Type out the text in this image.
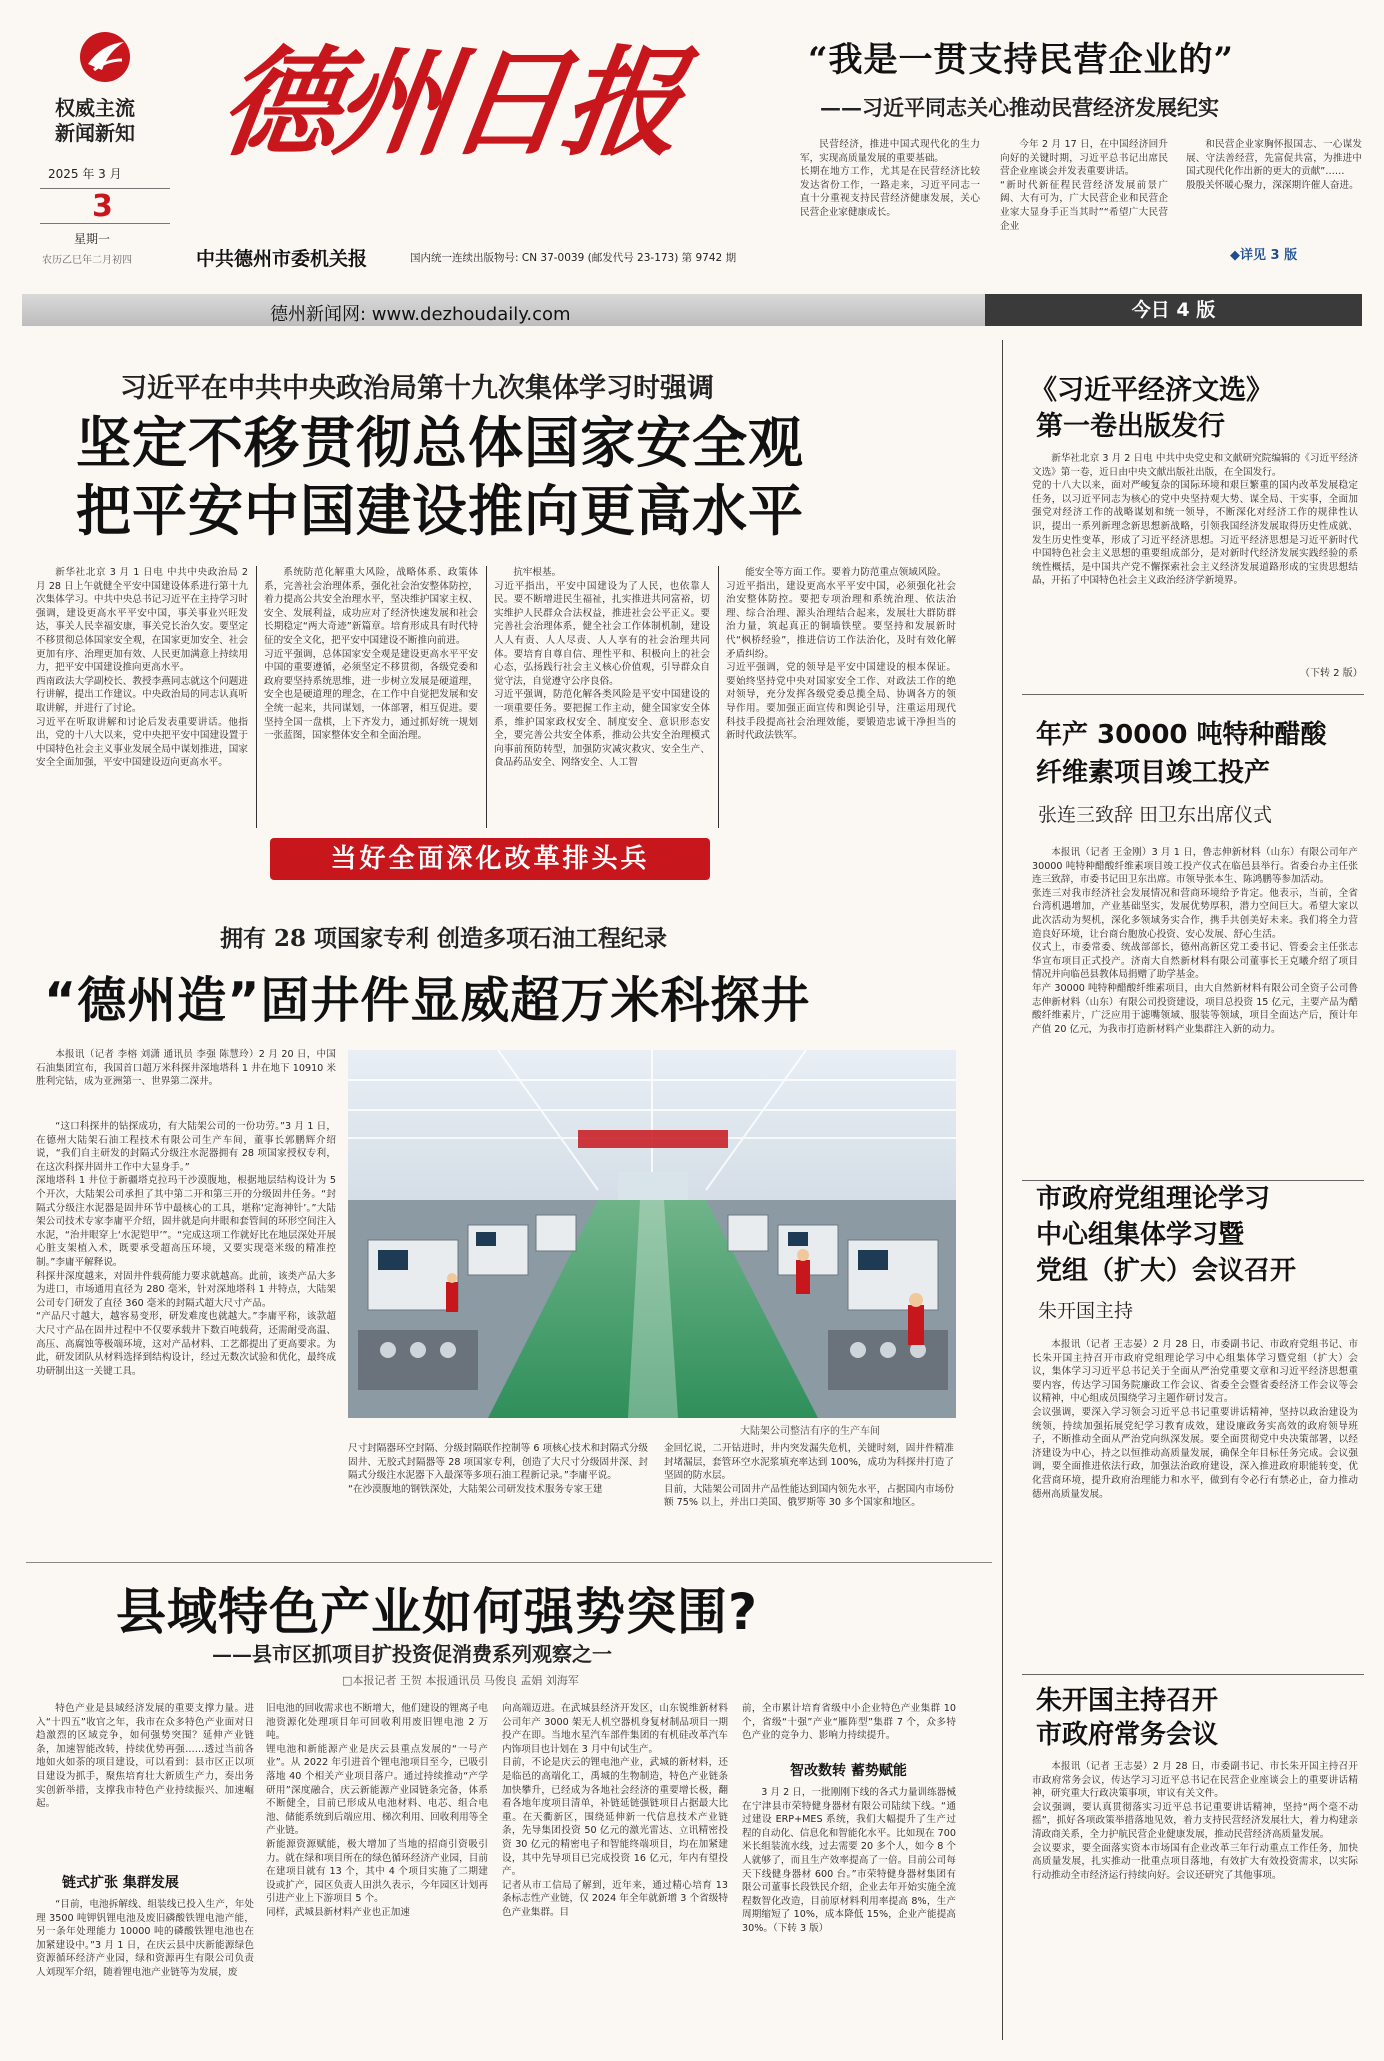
权威主流
新闻新知
2025 年 3 月
3
星期一
农历乙巳年二月初四
德州日报
中共德州市委机关报	国内统一连续出版物号: CN 37-0039 (邮发代号 23-173) 第 9742 期
“我是一贯支持民营企业的”
——习近平同志关心推动民营经济发展纪实
民营经济，推进中国式现代化的生力军，实现高质量发展的重要基础。
长期在地方工作，尤其是在民营经济比较发达省份工作，一路走来，习近平同志一直十分重视支持民营经济健康发展，关心民营企业家健康成长。
今年 2 月 17 日，在中国经济回升向好的关键时期，习近平总书记出席民营企业座谈会并发表重要讲话。
“新时代新征程民营经济发展前景广阔、大有可为，广大民营企业和民营企业家大显身手正当其时”“希望广大民营企业
和民营企业家胸怀报国志、一心谋发展、守法善经营，先富促共富，为推进中国式现代化作出新的更大的贡献”……
殷殷关怀暖心聚力，深深期许催人奋进。
◆详见 3 版
德州新闻网: www.dezhoudaily.com	今日 4 版
习近平在中共中央政治局第十九次集体学习时强调
坚定不移贯彻总体国家安全观
把平安中国建设推向更高水平
新华社北京 3 月 1 日电 中共中央政治局 2 月 28 日上午就健全平安中国建设体系进行第十九次集体学习。中共中央总书记习近平在主持学习时强调，建设更高水平平安中国，事关事业兴旺发达，事关人民幸福安康，事关党长治久安。要坚定不移贯彻总体国家安全观，在国家更加安全、社会更加有序、治理更加有效、人民更加满意上持续用力，把平安中国建设推向更高水平。
西南政法大学副校长、教授李燕同志就这个问题进行讲解，提出工作建议。中央政治局的同志认真听取讲解，并进行了讨论。
习近平在听取讲解和讨论后发表重要讲话。他指出，党的十八大以来，党中央把平安中国建设置于中国特色社会主义事业发展全局中谋划推进，国家安全全面加强，平安中国建设迈向更高水平。
系统防范化解重大风险，战略体系、政策体系，完善社会治理体系，强化社会治安整体防控，着力提高公共安全治理水平，坚决维护国家主权、安全、发展利益，成功应对了经济快速发展和社会长期稳定“两大奇迹”新篇章。培育形成具有时代特征的安全文化，把平安中国建设不断推向前进。
习近平强调，总体国家安全观是建设更高水平平安中国的重要遵循，必须坚定不移贯彻，各级党委和政府要坚持系统思维，进一步树立发展是硬道理，安全也是硬道理的理念，在工作中自觉把发展和安全统一起来，共同谋划，一体部署，相互促进。要坚持全国一盘棋，上下齐发力，通过抓好统一规划一张蓝图，国家整体安全和全面治理。
抗牢根基。
习近平指出，平安中国建设为了人民，也依靠人民。要不断增进民生福祉，扎实推进共同富裕，切实维护人民群众合法权益，推进社会公平正义。要完善社会治理体系，健全社会工作体制机制，建设人人有责、人人尽责、人人享有的社会治理共同体。要培育自尊自信、理性平和、积极向上的社会心态，弘扬践行社会主义核心价值观，引导群众自觉守法，自觉遵守公序良俗。
习近平强调，防范化解各类风险是平安中国建设的一项重要任务。要把握工作主动，健全国家安全体系，维护国家政权安全、制度安全、意识形态安全，要完善公共安全体系，推动公共安全治理模式向事前预防转型，加强防灾减灾救灾、安全生产、食品药品安全、网络安全、人工智
能安全等方面工作。要着力防范重点领域风险。
习近平指出，建设更高水平平安中国，必须强化社会治安整体防控。要把专项治理和系统治理、依法治理、综合治理、源头治理结合起来，发展壮大群防群治力量，筑起真正的铜墙铁壁。要坚持和发展新时代“枫桥经验”，推进信访工作法治化，及时有效化解矛盾纠纷。
习近平强调，党的领导是平安中国建设的根本保证。要始终坚持党中央对国家安全工作、对政法工作的绝对领导，充分发挥各级党委总揽全局、协调各方的领导作用。要加强正面宣传和舆论引导，注重运用现代科技手段提高社会治理效能，要锻造忠诚干净担当的新时代政法铁军。
当好全面深化改革排头兵
拥有 28 项国家专利 创造多项石油工程纪录
“德州造”固井件显威超万米科探井
本报讯（记者 李榕 刘潇 通讯员 李强 陈慧玲）2 月 20 日，中国石油集团宣布，我国首口超万米科探井深地塔科 1 井在地下 10910 米胜利完钻，成为亚洲第一、世界第二深井。
“这口科探井的钻探成功，有大陆架公司的一份功劳。”3 月 1 日，在德州大陆架石油工程技术有限公司生产车间，董事长郭鹏辉介绍说，“我们自主研发的封隔式分级注水泥器拥有 28 项国家授权专利，在这次科探井固井工作中大显身手。”
深地塔科 1 井位于新疆塔克拉玛干沙漠腹地，根据地层结构设计为 5 个开次，大陆架公司承担了其中第二开和第三开的分级固井任务。“封隔式分级注水泥器是固井环节中最核心的工具，堪称‘定海神针’。”大陆架公司技术专家李庸平介绍，固井就是向井眼和套管间的环形空间注入水泥，“治井眼穿上‘水泥铠甲’”。“完成这项工作就好比在地层深处开展心脏支架植入术，既要承受超高压环境，又要实现毫米级的精准控制。”李庸平解释说。
科探井深度越来，对固井件载荷能力要求就越高。此前，该类产品大多为进口，市场通用直径为 280 毫米，针对深地塔科 1 井特点，大陆架公司专门研发了直径 360 毫米的封隔式超大尺寸产品。
“产品尺寸越大，越容易变形，研发难度也就越大。”李庸平称，该款超大尺寸产品在固井过程中不仅要承载井下数百吨载荷，还需耐受高温、高压、高腐蚀等极端环境，这对产品材料、工艺都提出了更高要求。为此，研发团队从材料选择到结构设计，经过无数次试验和优化，最终成功研制出这一关键工具。
大陆架公司整洁有序的生产车间
尺寸封隔器环空封隔、分级封隔联作控制等 6 项核心技术和封隔式分级固井、无胶式封隔器等 28 项国家专利，创造了大尺寸分级固井深、封隔式分级注水泥器下入最深等多项石油工程新记录。”李庸平说。
“在沙漠腹地的钢铁深处，大陆架公司研发技术服务专家王建
金回忆说，二开钻进时，井内突发漏失危机，关键时刻，固井件精准封堵漏层，套管环空水泥浆填充率达到 100%，成功为科探井打造了坚固的防水层。
目前，大陆架公司固井产品性能达到国内领先水平，占据国内市场份额 75% 以上，并出口美国、俄罗斯等 30 多个国家和地区。
县域特色产业如何强势突围?
——县市区抓项目扩投资促消费系列观察之一
□本报记者 王贺 本报通讯员 马俊良 孟娟 刘海军
特色产业是县域经济发展的重要支撑力量。进入“十四五”收官之年，我市在众多特色产业面对日趋激烈的区域竞争，如何强势突围？延伸产业链条，加速智能改转，持续优势再强……透过当前各地如火如荼的项目建设，可以看到：县市区正以项目建设为抓手，聚焦培育壮大新质生产力，奏出务实创新举措，支撑我市特色产业持续振兴、加速崛起。
链式扩张 集群发展
“目前，电池拆解线、组装线已投入生产，年处理 3500 吨钾钒锂电池及废旧磷酸铁锂电池产能，另一条年处理能力 10000 吨的磷酸铁锂电池也在加紧建设中。”3 月 1 日，在庆云县中庆新能源绿色资源循环经济产业园，绿和资源再生有限公司负责人刘现军介绍，随着锂电池产业链等为发展，废
旧电池的回收需求也不断增大，他们建设的锂离子电池资源化处理项目年可回收利用废旧锂电池 2 万吨。
锂电池和新能源产业是庆云县重点发展的“一号产业”。从 2022 年引进首个锂电池项目至今，已吸引落地 40 个相关产业项目落户。通过持续推动“产学研用”深度融合，庆云新能源产业园链条完备，体系不断健全，目前已形成从电池材料、电芯、组合电池、储能系统到后端应用、梯次利用、回收利用等全产业链。
新能源资源赋能，极大增加了当地的招商引资吸引力。就在绿和项目所在的绿色循环经济产业园，目前在建项目就有 13 个，其中 4 个项目实施了二期建设或扩产，园区负责人田洪久表示，今年园区计划再引进产业上下游项目 5 个。
同样，武城县新材料产业也正加速
向高端迈进。在武城县经济开发区，山东锐维新材料公司年产 3000 架无人机空器机身复材制品项目一期投产在即。当地水星汽车部件集团的有机硅改革汽车内饰项目也计划在 3 月中旬试生产。
目前，不论是庆云的锂电池产业，武城的新材料，还是临邑的高端化工，禹城的生物制造，特色产业链条加快攀升，已经成为各地社会经济的重要增长极，翻看各地年度项目清单，补链延链强链项目占据最大比重。在天衢新区，围绕延伸新一代信息技术产业链条，先导集团投资 50 亿元的激光雷达、立讯精密投资 30 亿元的精密电子和智能终端项目，均在加紧建设，其中先导项目已完成投资 16 亿元，年内有望投产。
记者从市工信局了解到，近年来，通过精心培育 13 条标志性产业链，仅 2024 年全年就新增 3 个省级特色产业集群。目
前，全市累计培育省级中小企业特色产业集群 10 个，省级“十强”产业“雁阵型”集群 7 个，众多特色产业的竞争力、影响力持续提升。
智改数转 蓄势赋能
3 月 2 日，一批刚刚下线的各式力量训练器械在宁津县市荣特健身器材有限公司陆续下线。“通过建设 ERP+MES 系统，我们大幅提升了生产过程的自动化、信息化和智能化水平。比如现在 700 米长组装流水线，过去需要 20 多个人，如今 8 个人就够了，而且生产效率提高了一倍。目前公司每天下线健身器材 600 台。”市荣特健身器材集团有限公司董事长段铁民介绍，企业去年开始实施全流程数智化改造，目前原材料利用率提高 8%，生产周期缩短了 10%，成本降低 15%，企业产能提高 30%。（下转 3 版）
《习近平经济文选》
第一卷出版发行
新华社北京 3 月 2 日电 中共中央党史和文献研究院编辑的《习近平经济文选》第一卷，近日由中央文献出版社出版，在全国发行。
党的十八大以来，面对严峻复杂的国际环境和艰巨繁重的国内改革发展稳定任务，以习近平同志为核心的党中央坚持观大势、谋全局、干实事，全面加强党对经济工作的战略谋划和统一领导，不断深化对经济工作的规律性认识，提出一系列新理念新思想新战略，引领我国经济发展取得历史性成就、发生历史性变革，形成了习近平经济思想。习近平经济思想是习近平新时代中国特色社会主义思想的重要组成部分，是对新时代经济发展实践经验的系统性概括，是中国共产党不懈探索社会主义经济发展道路形成的宝贵思想结晶，开拓了中国特色社会主义政治经济学新境界。
（下转 2 版）
年产 30000 吨特种醋酸
纤维素项目竣工投产
张连三致辞 田卫东出席仪式
本报讯（记者 王金刚）3 月 1 日，鲁志伸新材料（山东）有限公司年产 30000 吨特种醋酸纤维素项目竣工投产仪式在临邑县举行。省委台办主任张连三致辞，市委书记田卫东出席。市领导张本生、陈鸿鹏等参加活动。
张连三对我市经济社会发展情况和营商环境给予肯定。他表示，当前，全省台湾机遇增加，产业基础坚实，发展优势厚积，潜力空间巨大。希望大家以此次活动为契机，深化多领域务实合作，携手共创美好未来。我们将全力营造良好环境，让台商台胞放心投资、安心发展、舒心生活。
仪式上，市委常委、统战部部长，德州高新区党工委书记、管委会主任张志华宣布项目正式投产。济南大自然新材料有限公司董事长王克曦介绍了项目情况并向临邑县教体局捐赠了助学基金。
年产 30000 吨特种醋酸纤维素项目，由大自然新材料有限公司全资子公司鲁志伸新材料（山东）有限公司投资建设，项目总投资 15 亿元，主要产品为醋酸纤维素片，广泛应用于滤嘴领域、服装等领域，项目全面达产后，预计年产值 20 亿元，为我市打造新材料产业集群注入新的动力。
市政府党组理论学习
中心组集体学习暨
党组（扩大）会议召开
朱开国主持
本报讯（记者 王志晏）2 月 28 日，市委副书记、市政府党组书记、市长朱开国主持召开市政府党组理论学习中心组集体学习暨党组（扩大）会议，集体学习习近平总书记关于全面从严治党重要文章和习近平经济思想重要内容，传达学习国务院廉政工作会议、省委全会暨省委经济工作会议等会议精神，中心组成员围绕学习主题作研讨发言。
会议强调，要深入学习领会习近平总书记重要讲话精神，坚持以政治建设为统领，持续加强拓展党纪学习教育成效，建设廉政务实高效的政府领导班子，不断推动全面从严治党向纵深发展。要全面贯彻党中央决策部署，以经济建设为中心，持之以恒推动高质量发展，确保全年目标任务完成。会议强调，要全面推进依法行政，加强法治政府建设，深入推进政府职能转变，优化营商环境，提升政府治理能力和水平，做到有令必行有禁必止，奋力推动德州高质量发展。
朱开国主持召开
市政府常务会议
本报讯（记者 王志晏）2 月 28 日，市委副书记、市长朱开国主持召开市政府常务会议，传达学习习近平总书记在民营企业座谈会上的重要讲话精神，研究重大行政决策事项，审议有关文件。
会议强调，要认真贯彻落实习近平总书记重要讲话精神，坚持“两个毫不动摇”，抓好各项政策举措落地见效，着力支持民营经济发展壮大，着力构建亲清政商关系，全力护航民营企业健康发展，推动民营经济高质量发展。
会议要求，要全面落实资本市场国有企业改革三年行动重点工作任务，加快高质量发展，扎实推动一批重点项目落地，有效扩大有效投资需求，以实际行动推动全市经济运行持续向好。会议还研究了其他事项。
